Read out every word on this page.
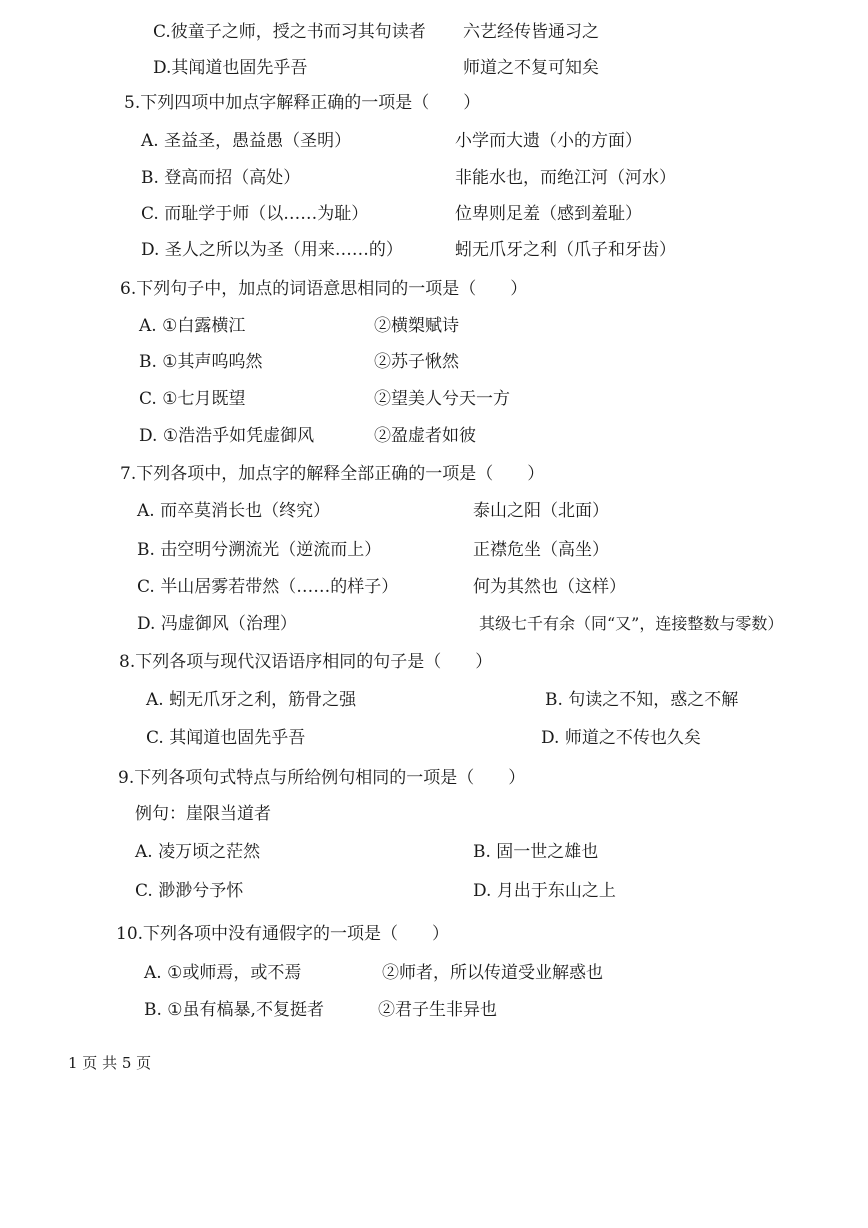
C.彼童子之师，授之书而习其句读者 六艺经传皆通习之
D.其闻道也固先乎吾	师道之不复可知矣
5.下列四项中加点字解释正确的一项是（　　）
A. 圣益圣，愚益愚（圣明）	小学而大遗（小的方面）
B. 登高而招（高处）	非能水也，而绝江河（河水）
C. 而耻学于师（以……为耻）	位卑则足羞（感到羞耻）
D. 圣人之所以为圣（用来……的）	蚓无爪牙之利（爪子和牙齿）
6.下列句子中，加点的词语意思相同的一项是（　　）
A. ①白露横江	②横槊赋诗
B. ①其声呜呜然	②苏子愀然
C. ①七月既望	②望美人兮天一方
D. ①浩浩乎如凭虚御风	②盈虚者如彼
7.下列各项中，加点字的解释全部正确的一项是（　　）
A. 而卒莫消长也（终究）	泰山之阳（北面）
B. 击空明兮溯流光（逆流而上）	正襟危坐（高坐）
C. 半山居雾若带然（……的样子）	何为其然也（这样）
D. 冯虚御风（治理）	其级七千有余（同“又”，连接整数与零数）
8.下列各项与现代汉语语序相同的句子是（　　）
A. 蚓无爪牙之利，筋骨之强	B. 句读之不知，惑之不解
C. 其闻道也固先乎吾	D. 师道之不传也久矣
9.下列各项句式特点与所给例句相同的一项是（　　）
例句：崖限当道者
A. 凌万顷之茫然	B. 固一世之雄也
C. 渺渺兮予怀	D. 月出于东山之上
10.下列各项中没有通假字的一项是（　　）
A. ①或师焉，或不焉	②师者，所以传道受业解惑也
B. ①虽有槁暴,不复挺者	②君子生非异也
1 页 共 5 页
